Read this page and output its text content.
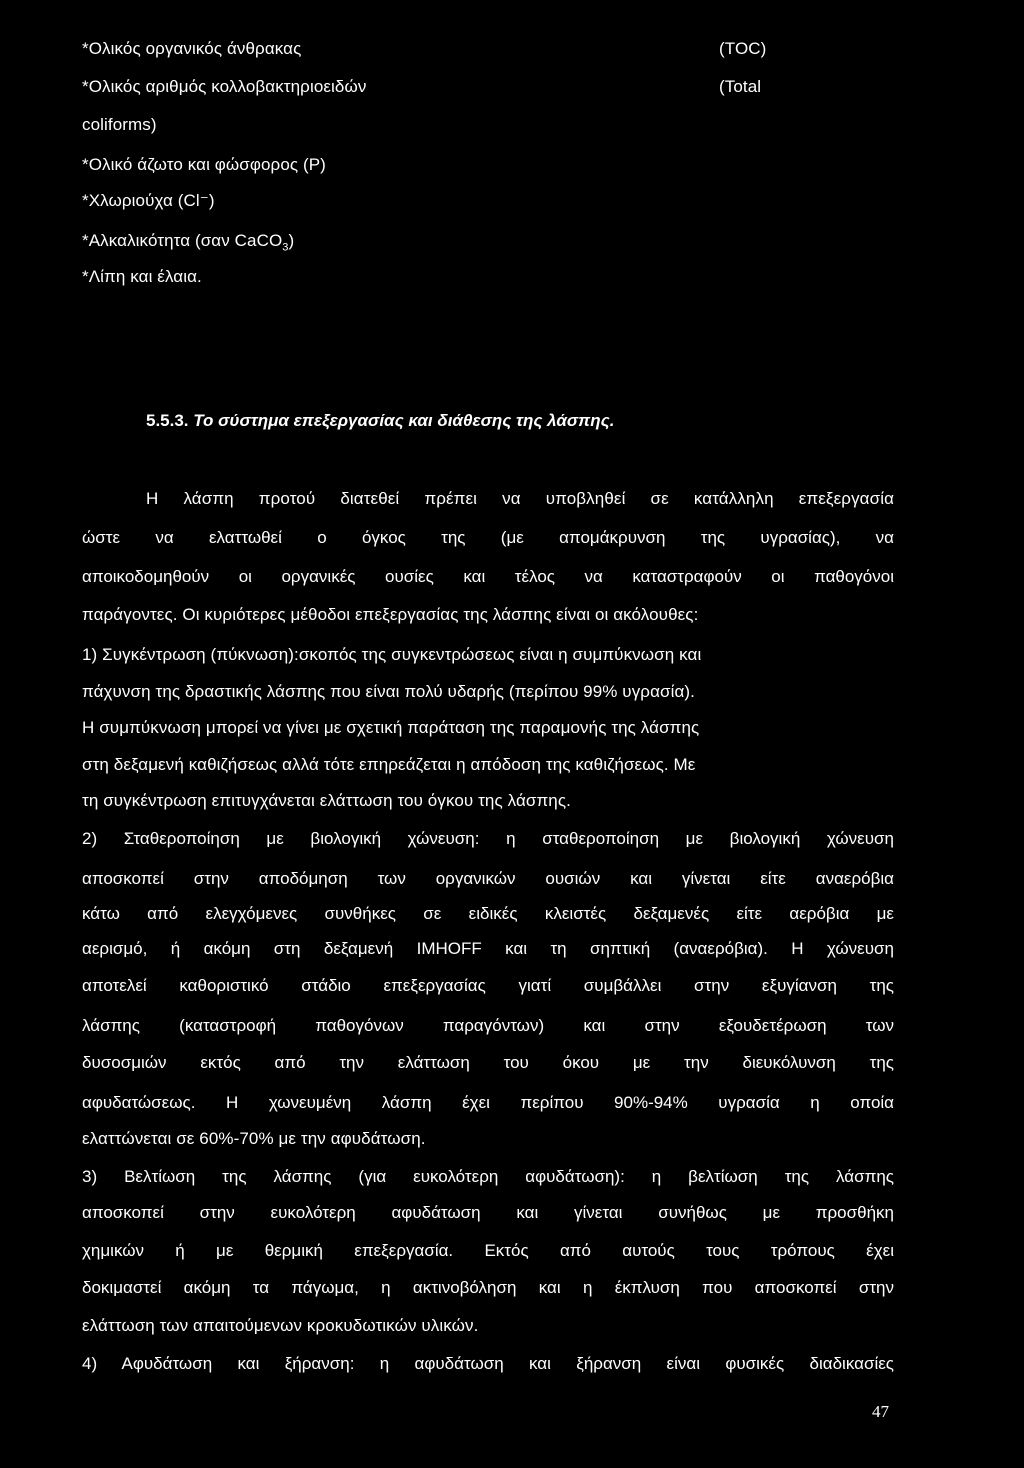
*Ολικός οργανικός άνθρακας	(TOC)
*Ολικός αριθμός κολλοβακτηριοειδών	(Total
coliforms)
*Ολικό άζωτο και φώσφορος (Ρ)
*Χλωριούχα (Cl⁻)
*Αλκαλικότητα (σαν CaCO$_3$)
*Λίπη και έλαια.
5.5.3. Το σύστημα επεξεργασίας και διάθεσης της λάσπης.
Η λάσπη προτού διατεθεί πρέπει να υποβληθεί σε κατάλληλη επεξεργασία
ώστε να ελαττωθεί ο όγκος της (με απομάκρυνση της υγρασίας), να
αποικοδομηθούν οι οργανικές ουσίες και τέλος να καταστραφούν οι παθογόνοι
παράγοντες. Οι κυριότερες μέθοδοι επεξεργασίας της λάσπης είναι οι ακόλουθες:
1) Συγκέντρωση (πύκνωση):σκοπός της συγκεντρώσεως είναι η συμπύκνωση και
πάχυνση της δραστικής λάσπης που είναι πολύ υδαρής (περίπου 99% υγρασία).
Η συμπύκνωση μπορεί να γίνει με σχετική παράταση της παραμονής της λάσπης
στη δεξαμενή καθιζήσεως αλλά τότε επηρεάζεται η απόδοση της καθιζήσεως. Με
τη συγκέντρωση επιτυγχάνεται ελάττωση του όγκου της λάσπης.
2) Σταθεροποίηση με βιολογική χώνευση: η σταθεροποίηση με βιολογική χώνευση
αποσκοπεί στην αποδόμηση των οργανικών ουσιών και γίνεται είτε αναερόβια
κάτω από ελεγχόμενες συνθήκες σε ειδικές κλειστές δεξαμενές είτε αερόβια με
αερισμό, ή ακόμη στη δεξαμενή IMHOFF και τη σηπτική (αναερόβια). Η χώνευση
αποτελεί καθοριστικό στάδιο επεξεργασίας γιατί συμβάλλει στην εξυγίανση της
λάσπης (καταστροφή παθογόνων παραγόντων) και στην εξουδετέρωση των
δυσοσμιών εκτός από την ελάττωση του όκου με την διευκόλυνση της
αφυδατώσεως. Η χωνευμένη λάσπη έχει περίπου 90%-94% υγρασία η οποία
ελαττώνεται σε 60%-70% με την αφυδάτωση.
3) Βελτίωση της λάσπης (για ευκολότερη αφυδάτωση): η βελτίωση της λάσπης
αποσκοπεί στην ευκολότερη αφυδάτωση και γίνεται συνήθως με προσθήκη
χημικών ή με θερμική επεξεργασία. Εκτός από αυτούς τους τρόπους έχει
δοκιμαστεί ακόμη τα πάγωμα, η ακτινοβόληση και η έκπλυση που αποσκοπεί στην
ελάττωση των απαιτούμενων κροκυδωτικών υλικών.
4) Αφυδάτωση και ξήρανση: η αφυδάτωση και ξήρανση είναι φυσικές διαδικασίες
47
